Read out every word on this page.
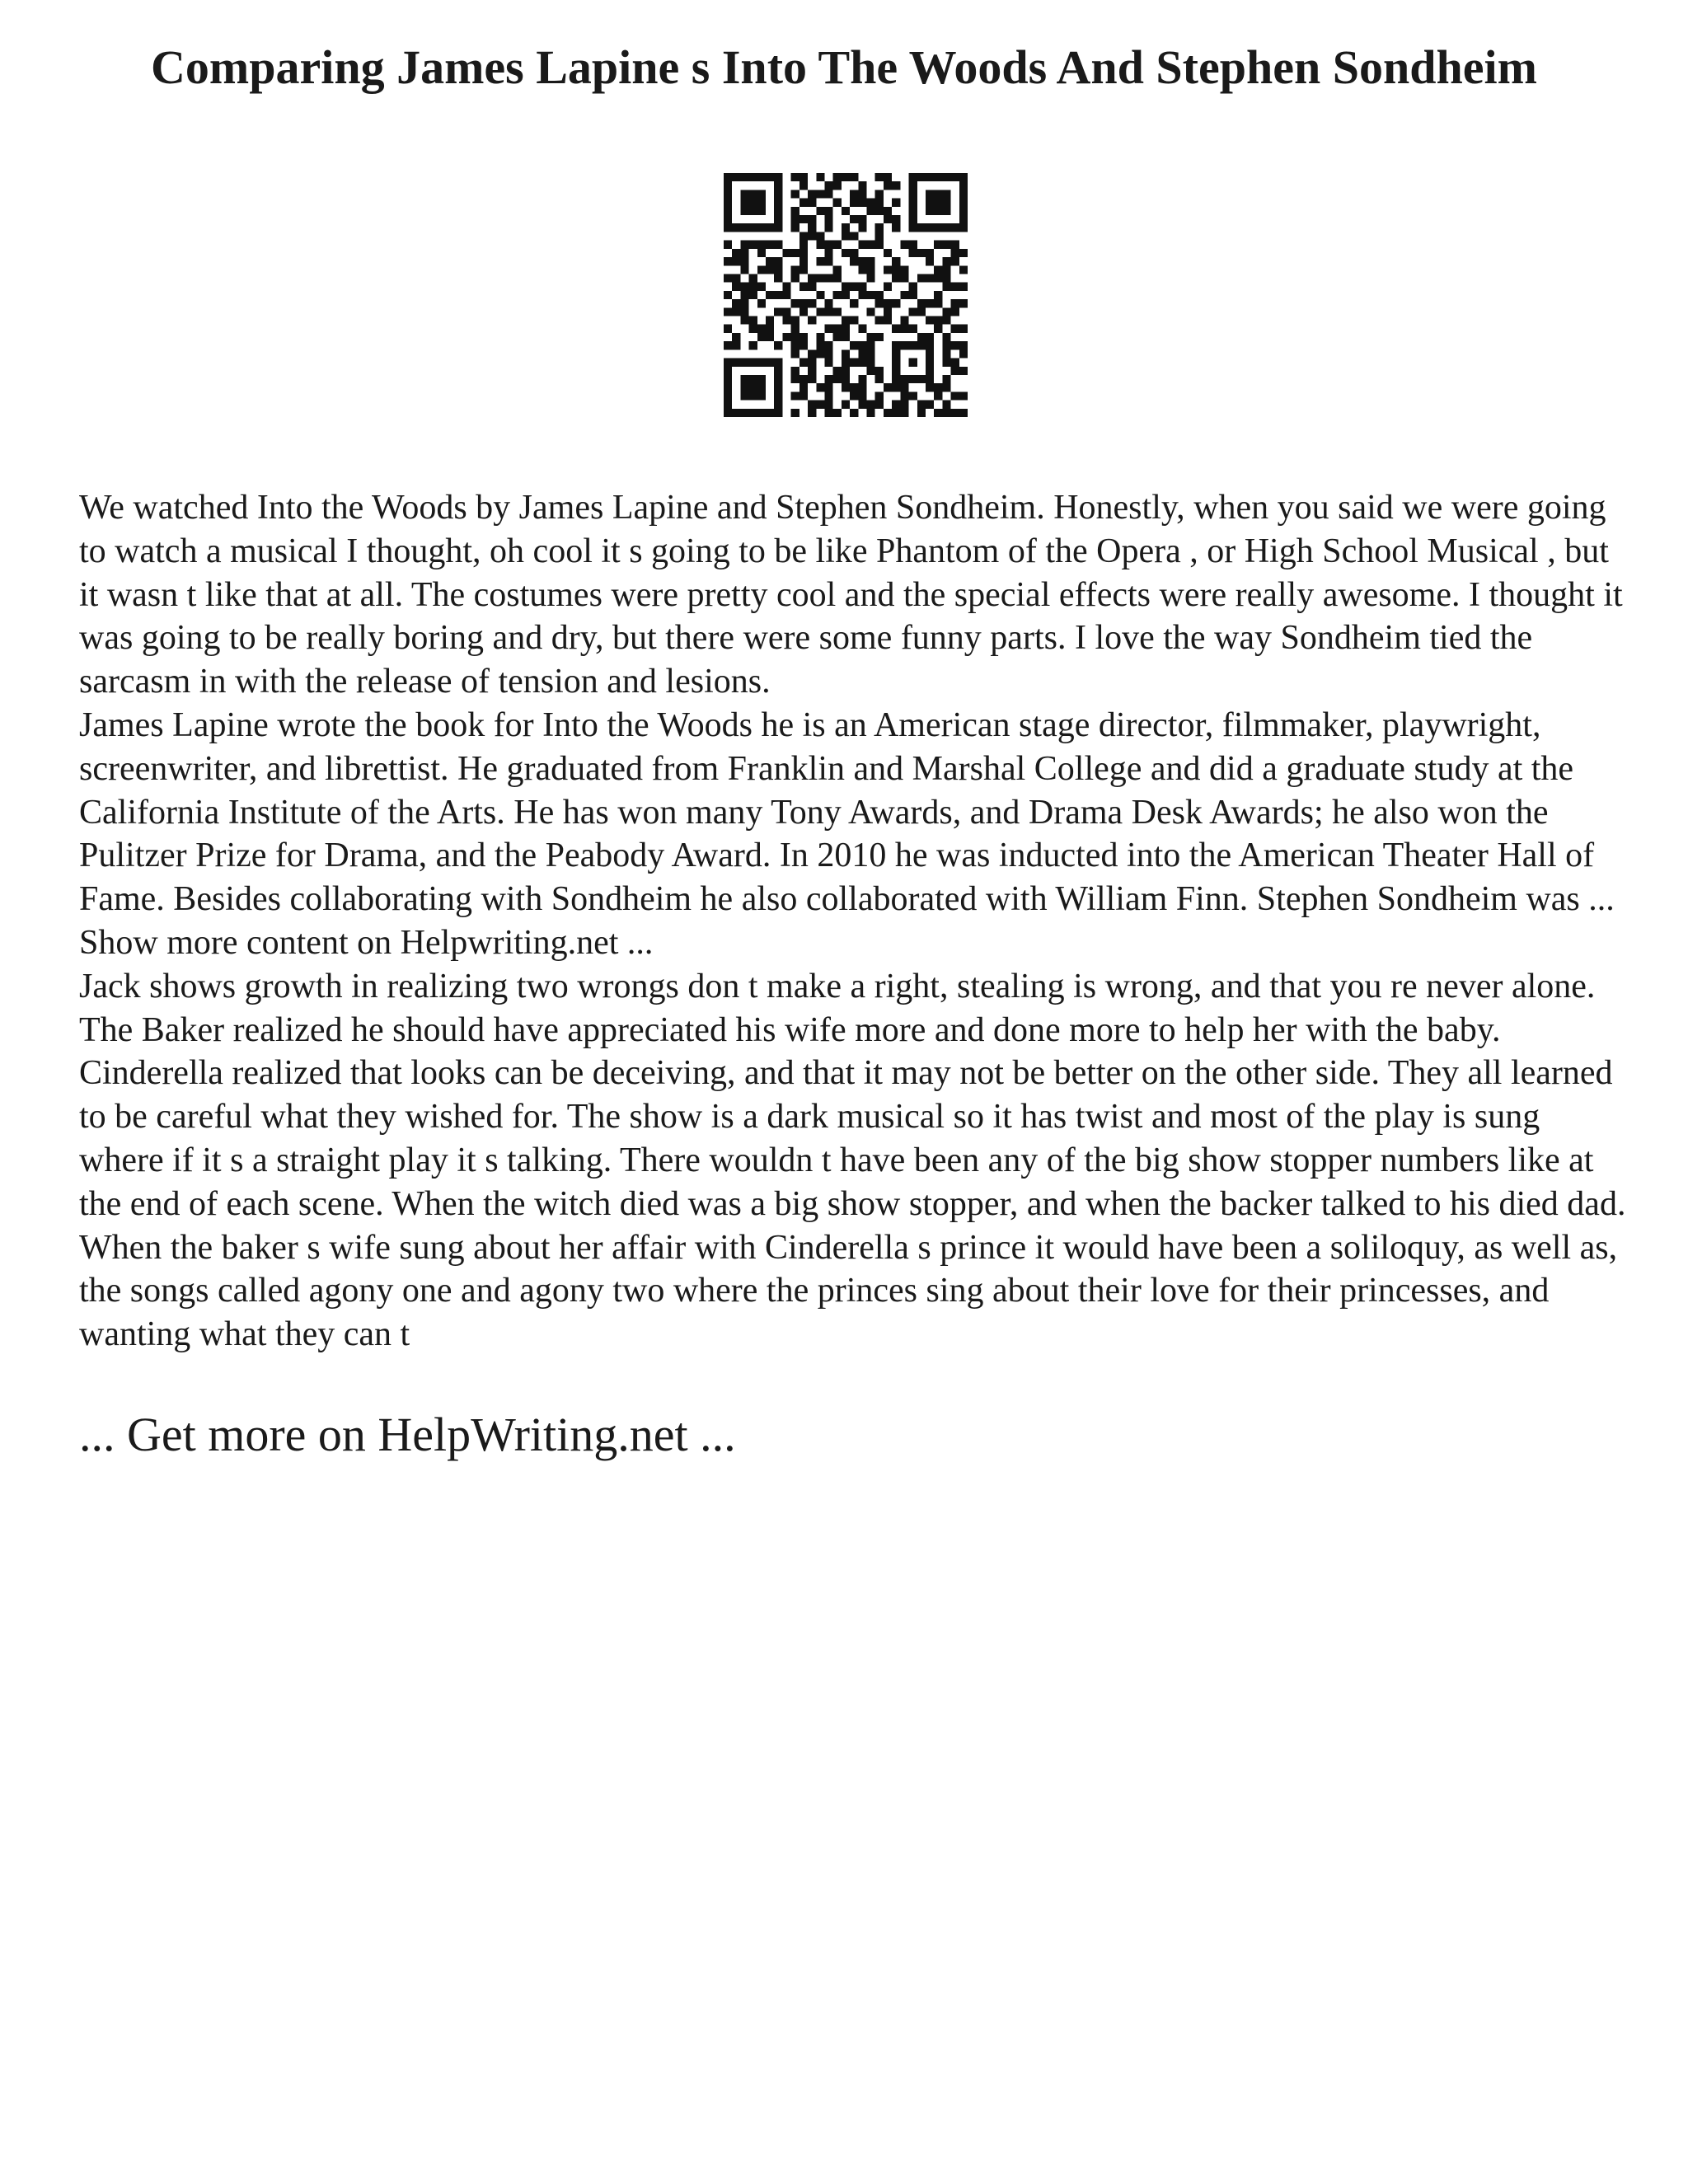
Comparing James Lapine s Into The Woods And Stephen Sondheim

We watched Into the Woods by James Lapine and Stephen Sondheim. Honestly, when you said we were going to watch a musical I thought, oh cool it s going to be like Phantom of the Opera , or High School Musical , but it wasn t like that at all. The costumes were pretty cool and the special effects were really awesome. I thought it was going to be really boring and dry, but there were some funny parts. I love the way Sondheim tied the sarcasm in with the release of tension and lesions.

James Lapine wrote the book for Into the Woods he is an American stage director, filmmaker, playwright, screenwriter, and librettist. He graduated from Franklin and Marshal College and did a graduate study at the California Institute of the Arts. He has won many Tony Awards, and Drama Desk Awards; he also won the Pulitzer Prize for Drama, and the Peabody Award. In 2010 he was inducted into the American Theater Hall of Fame. Besides collaborating with Sondheim he also collaborated with William Finn. Stephen Sondheim was ... Show more content on Helpwriting.net ...

Jack shows growth in realizing two wrongs don t make a right, stealing is wrong, and that you re never alone. The Baker realized he should have appreciated his wife more and done more to help her with the baby. Cinderella realized that looks can be deceiving, and that it may not be better on the other side. They all learned to be careful what they wished for. The show is a dark musical so it has twist and most of the play is sung where if it s a straight play it s talking. There wouldn t have been any of the big show stopper numbers like at the end of each scene. When the witch died was a big show stopper, and when the backer talked to his died dad. When the baker s wife sung about her affair with Cinderella s prince it would have been a soliloquy, as well as, the songs called agony one and agony two where the princes sing about their love for their princesses, and wanting what they can t

... Get more on HelpWriting.net ...
